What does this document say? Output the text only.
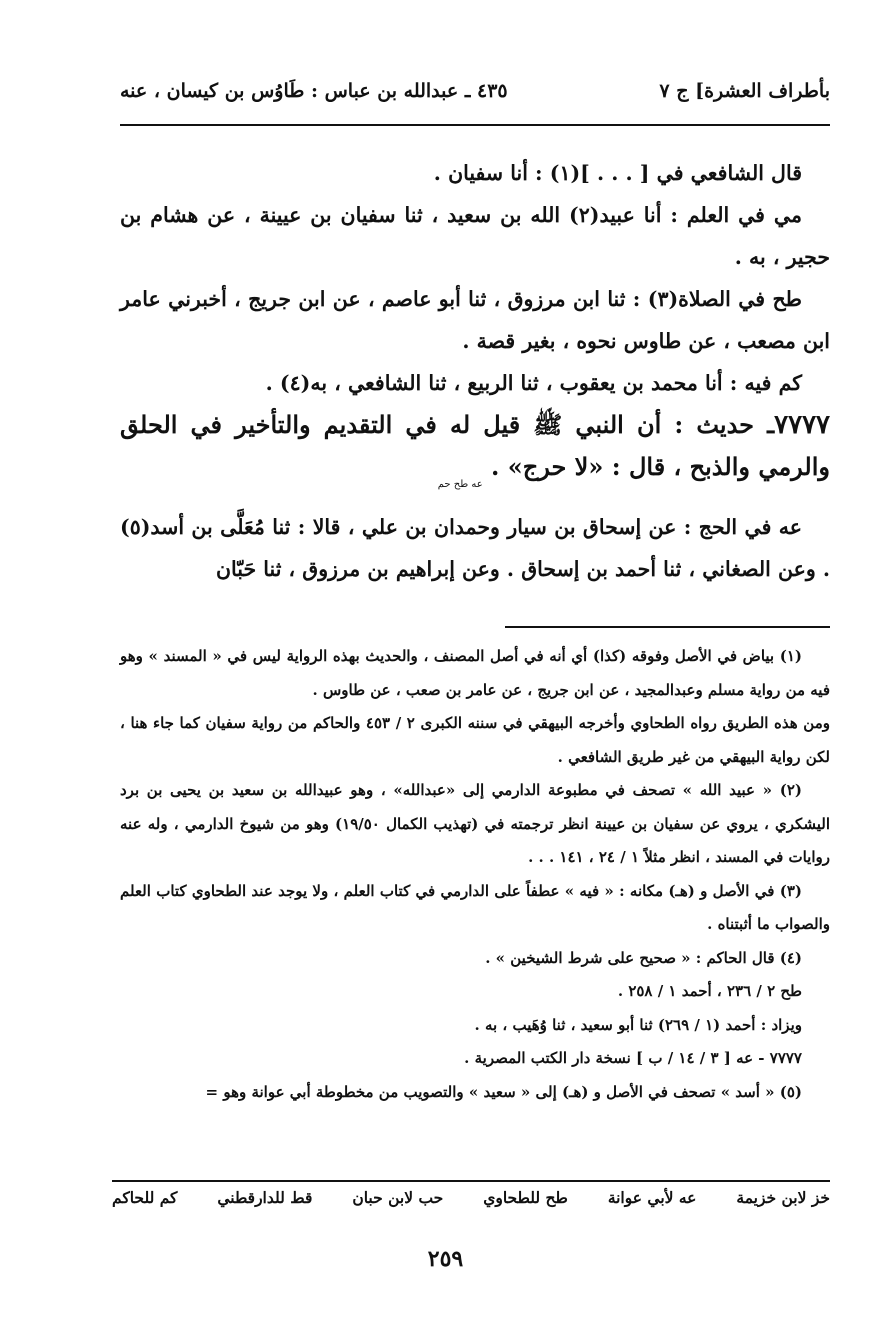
بأطراف العشرة] ج ٧
٤٣٥ ـ عبدالله بن عباس : طَاوُس بن كيسان ، عنه

قال الشافعي في [ . . . ](١) : أنا سفيان .

مي في العلم : أنا عبيد(٢) الله بن سعيد ، ثنا سفيان بن عيينة ، عن هشام بن حجير ، به .

طح في الصلاة(٣) : ثنا ابن مرزوق ، ثنا أبو عاصم ، عن ابن جريج ، أخبرني عامر ابن مصعب ، عن طاوس نحوه ، بغير قصة .

كم فيه : أنا محمد بن يعقوب ، ثنا الربيع ، ثنا الشافعي ، به(٤) .

٧٧٧٧ـ حديث : أن النبي ﷺ قيل له في التقديم والتأخير في الحلق والرمي والذبح ، قال : «لا حرج» . $_{عه طح حم}$

عه في الحج : عن إسحاق بن سيار وحمدان بن علي ، قالا : ثنا مُعَلَّى بن أسد(٥) . وعن الصغاني ، ثنا أحمد بن إسحاق . وعن إبراهيم بن مرزوق ، ثنا حَبّان

(١) بياض في الأصل وفوقه (كذا) أي أنه في أصل المصنف ، والحديث بهذه الرواية ليس في « المسند » وهو فيه من رواية مسلم وعبدالمجيد ، عن ابن جريج ، عن عامر بن صعب ، عن طاوس .

ومن هذه الطريق رواه الطحاوي وأخرجه البيهقي في سننه الكبرى ٢ / ٤٥٣ والحاكم من رواية سفيان كما جاء هنا ، لكن رواية البيهقي من غير طريق الشافعي .

(٢) « عبيد الله » تصحف في مطبوعة الدارمي إلى «عبدالله» ، وهو عبيدالله بن سعيد بن يحيى بن برد اليشكري ، يروي عن سفيان بن عيينة انظر ترجمته في (تهذيب الكمال ١٩/٥٠) وهو من شيوخ الدارمي ، وله عنه روايات في المسند ، انظر مثلاً ١ / ٢٤ ، ١٤١ . . .

(٣) في الأصل و (هـ) مكانه : « فيه » عطفاً على الدارمي في كتاب العلم ، ولا يوجد عند الطحاوي كتاب العلم والصواب ما أثبتناه .

(٤) قال الحاكم : « صحيح على شرط الشيخين » .

طح ٢ / ٢٣٦ ، أحمد ١ / ٢٥٨ .

ويزاد : أحمد (١ / ٢٦٩) ثنا أبو سعيد ، ثنا وُهَيب ، به .

٧٧٧٧ - عه [ ٣ / ١٤ / ب ] نسخة دار الكتب المصرية .

(٥) « أسد » تصحف في الأصل و (هـ) إلى « سعيد » والتصويب من مخطوطة أبي عوانة وهو =

خز لابن خزيمة
عه لأبي عوانة
طح للطحاوي
حب لابن حبان
قط للدارقطني
كم للحاكم
٢٥٩
